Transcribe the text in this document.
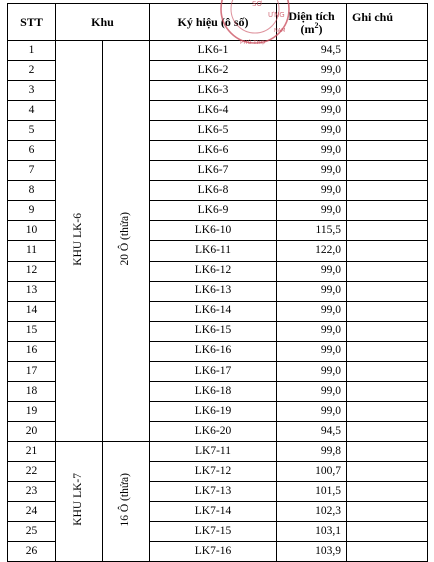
STT	Khu		Ký hiệu (ô số)	Diện tích
$(m^2)$	Ghi chú
1	KHU LK-6	20 Ô (thửa)	LK6-1	94,5	
2			LK6-2	99,0	
3			LK6-3	99,0	
4			LK6-4	99,0	
5			LK6-5	99,0	
6			LK6-6	99,0	
7			LK6-7	99,0	
8			LK6-8	99,0	
9			LK6-9	99,0	
10			LK6-10	115,5	
11			LK6-11	122,0	
12			LK6-12	99,0	
13			LK6-13	99,0	
14			LK6-14	99,0	
15			LK6-15	99,0	
16			LK6-16	99,0	
17			LK6-17	99,0	
18			LK6-18	99,0	
19			LK6-19	99,0	
20			LK6-20	94,5	
21	KHU LK-7	16 Ô (thửa)	LK7-11	99,8	
22			LK7-12	100,7	
23			LK7-13	101,5	
24			LK7-14	102,3	
25			LK7-15	103,1	
26			LK7-16	103,9	
SỞ
ƯNG
PHÚ THỌ
NAM
